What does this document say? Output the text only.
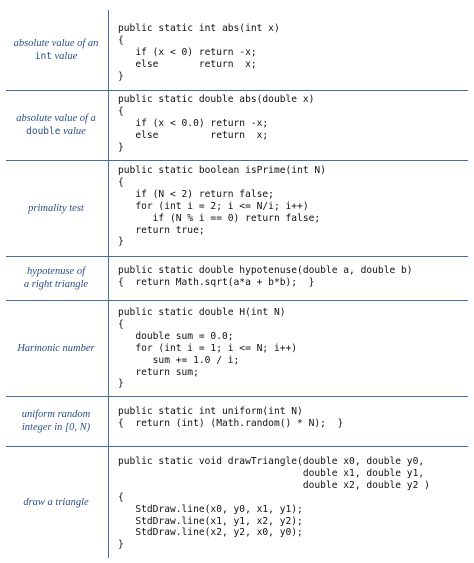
absolute value of an
int value
public static int abs(int x)
{
if (x < 0) return -x;
else       return  x;
}
absolute value of a
double value
public static double abs(double x)
{
if (x < 0.0) return -x;
else         return  x;
}
primality test
public static boolean isPrime(int N)
{
if (N < 2) return false;
for (int i = 2; i <= N/i; i++)
if (N % i == 0) return false;
return true;
}
hypotenuse of
a right triangle
public static double hypotenuse(double a, double b)
{  return Math.sqrt(a*a + b*b);  }
Harmonic number
public static double H(int N)
{
double sum = 0.0;
for (int i = 1; i <= N; i++)
sum += 1.0 / i;
return sum;
}
uniform random
integer in [0, N)
public static int uniform(int N)
{  return (int) (Math.random() * N);  }
draw a triangle
public static void drawTriangle(double x0, double y0,
double x1, double y1,
double x2, double y2 )
{
StdDraw.line(x0, y0, x1, y1);
StdDraw.line(x1, y1, x2, y2);
StdDraw.line(x2, y2, x0, y0);
}
